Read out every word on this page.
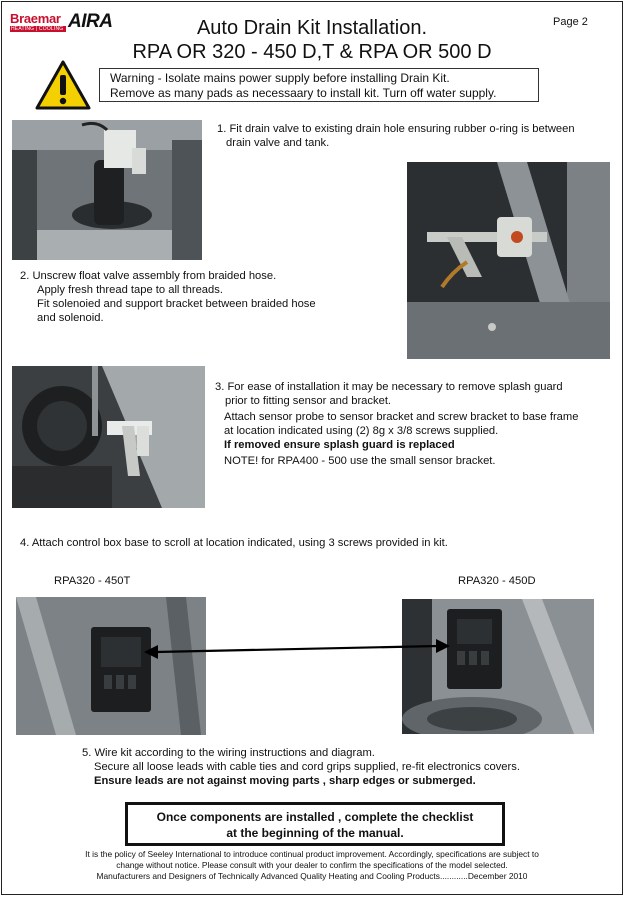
Braemar
HEATING | COOLING AIRA	Auto Drain Kit Installation.
RPA OR 320 - 450 D,T & RPA OR 500 D
Page 2
Warning - Isolate mains power supply before installing Drain Kit.
Remove as many pads as necessaary to install kit. Turn off water supply.
1. Fit drain valve to existing drain hole ensuring rubber o-ring is between
drain valve and tank.
2. Unscrew float valve assembly from braided hose.
Apply fresh thread tape to all threads.
Fit solenoied and support bracket between braided hose
and solenoid.
3. For ease of installation it may be necessary to remove splash guard
prior to fitting sensor and bracket.
Attach sensor probe to sensor bracket and screw bracket to base frame
at location indicated using (2) 8g x 3/8 screws supplied.
If removed ensure splash guard is replaced
NOTE! for RPA400 - 500 use the small sensor bracket.
4. Attach control box base to scroll at location indicated, using 3 screws provided in kit.
RPA320 - 450T	RPA320 - 450D
5. Wire kit according to the wiring instructions and diagram.
Secure all loose leads with cable ties and cord grips supplied, re-fit electronics covers.
Ensure leads are not against moving parts , sharp edges or submerged.
Once components are installed , complete the checklist
at the beginning of the manual.
It is the policy of Seeley International to introduce continual product improvement. Accordingly, specifications are subject to
change without notice. Please consult with your dealer to confirm the specifications of the model selected.
Manufacturers and Designers of Technically Advanced Quality Heating and Cooling Products............December 2010
